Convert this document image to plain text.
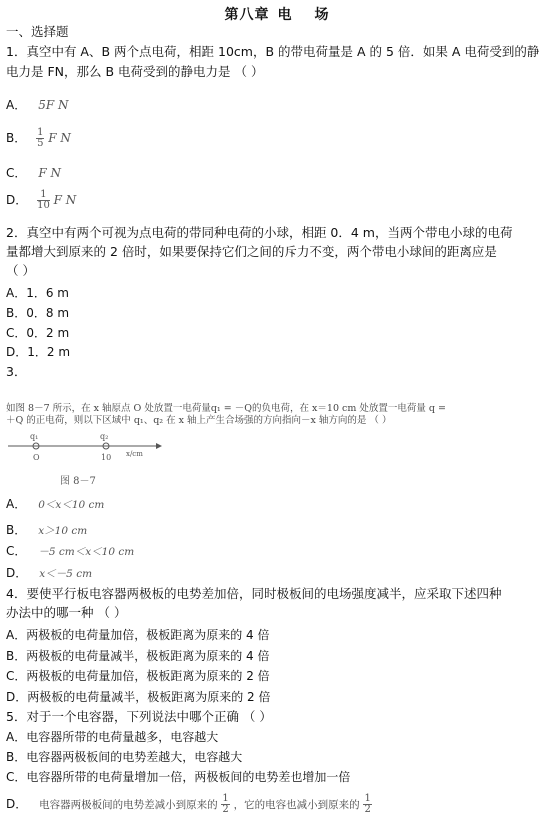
第八章 电 场
一、选择题
1．真空中有 A、B 两个点电荷，相距 10cm，B 的带电荷量是 A 的 5 倍．如果 A 电荷受到的静
电力是 FN，那么 B 电荷受到的静电力是 （ ）
A． 5F N
B． $\frac{1}{5}$ F N
C． F N
D． $\frac{1}{10}$ F N
2．真空中有两个可视为点电荷的带同种电荷的小球，相距 0．4 m，当两个带电小球的电荷
量都增大到原来的 2 倍时，如果要保持它们之间的斥力不变，两个带电小球间的距离应是
（ ）
A．1．6 m
B．0．8 m
C．0．2 m
D．1．2 m
3．
如图 8－7 所示，在 x 轴原点 O 处放置一电荷量q₁ = －Q的负电荷，在 x＝10 cm 处放置一电荷量 q =
＋Q 的正电荷，则以下区域中 q₁、q₂ 在 x 轴上产生合场强的方向指向－x 轴方向的是 （ ）
q₁	q₂
O	10 x/cm
图 8－7
A． 0＜x＜10 cm
B． x＞10 cm
C． －5 cm＜x＜10 cm
D． x＜－5 cm
4．要使平行板电容器两极板的电势差加倍，同时极板间的电场强度减半，应采取下述四种
办法中的哪一种 （ ）
A．两极板的电荷量加倍，极板距离为原来的 4 倍
B．两极板的电荷量减半，极板距离为原来的 4 倍
C．两极板的电荷量加倍，极板距离为原来的 2 倍
D．两极板的电荷量减半，极板距离为原来的 2 倍
5．对于一个电容器，下列说法中哪个正确 （ ）
A．电容器所带的电荷量越多，电容越大
B．电容器两极板间的电势差越大，电容越大
C．电容器所带的电荷量增加一倍，两极板间的电势差也增加一倍
D． 电容器两极板间的电势差减小到原来的 $\frac{1}{2}$ ，它的电容也减小到原来的 $\frac{1}{2}$
